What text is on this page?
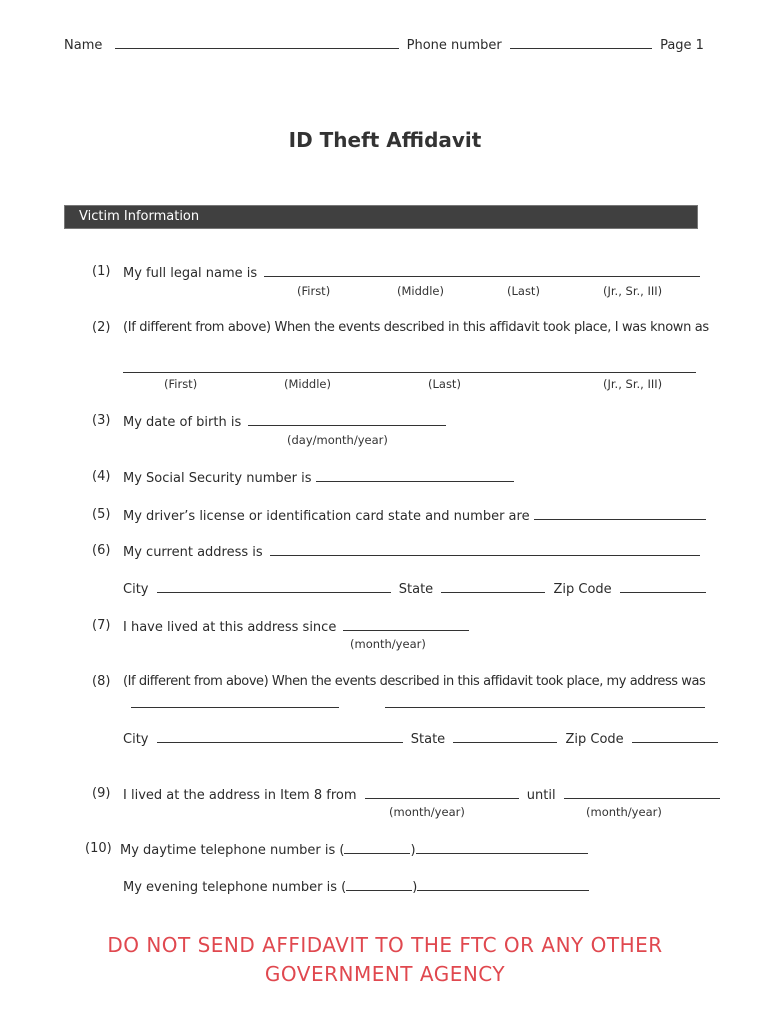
Name	Phone number	Page 1
ID Theft Affidavit
Victim Information
(1) My full legal name is
(First)	(Middle)	(Last)	(Jr., Sr., III)
(2) (If different from above) When the events described in this affidavit took place, I was known as
(First)	(Middle)	(Last)	(Jr., Sr., III)
(3) My date of birth is
(day/month/year)
(4) My Social Security number is
(5) My driver’s license or identification card state and number are
(6) My current address is
City	State	Zip Code
(7) I have lived at this address since
(month/year)
(8) (If different from above) When the events described in this affidavit took place, my address was
City	State	Zip Code
(9) I lived at the address in Item 8 from	until
(month/year)	(month/year)
(10) My daytime telephone number is (	)
My evening telephone number is (	)
DO NOT SEND AFFIDAVIT TO THE FTC OR ANY OTHER
GOVERNMENT AGENCY
